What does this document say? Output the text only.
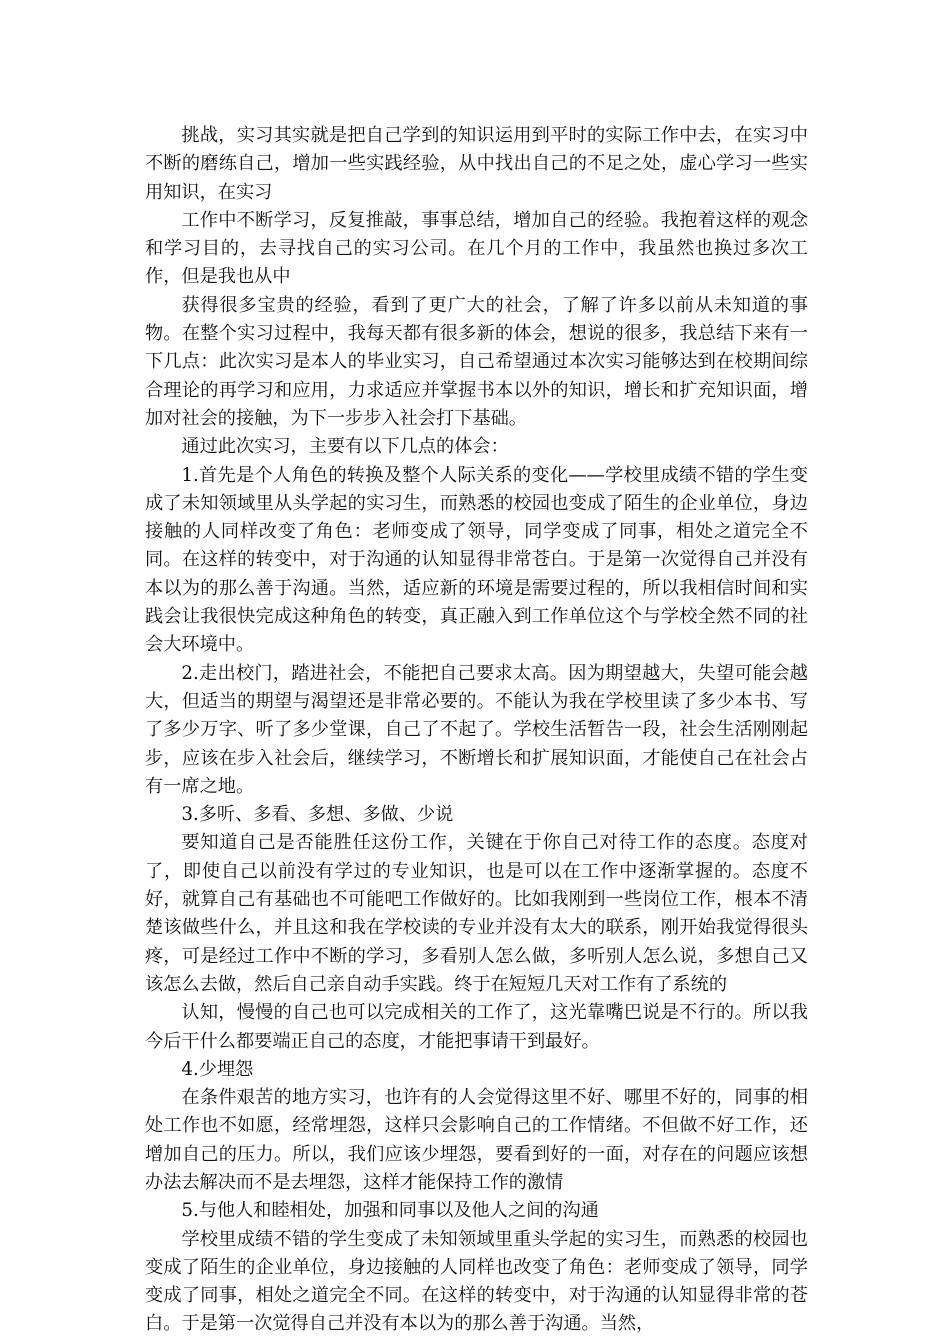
挑战，实习其实就是把自己学到的知识运用到平时的实际工作中去，在实习中不断的磨练自己，增加一些实践经验，从中找出自己的不足之处，虚心学习一些实用知识，在实习

工作中不断学习，反复推敲，事事总结，增加自己的经验。我抱着这样的观念和学习目的，去寻找自己的实习公司。在几个月的工作中，我虽然也换过多次工作，但是我也从中

获得很多宝贵的经验，看到了更广大的社会，了解了许多以前从未知道的事物。在整个实习过程中，我每天都有很多新的体会，想说的很多，我总结下来有一下几点：此次实习是本人的毕业实习，自己希望通过本次实习能够达到在校期间综合理论的再学习和应用，力求适应并掌握书本以外的知识，增长和扩充知识面，增加对社会的接触，为下一步步入社会打下基础。

通过此次实习，主要有以下几点的体会：

1.首先是个人角色的转换及整个人际关系的变化——学校里成绩不错的学生变成了未知领域里从头学起的实习生，而熟悉的校园也变成了陌生的企业单位，身边接触的人同样改变了角色：老师变成了领导，同学变成了同事，相处之道完全不同。在这样的转变中，对于沟通的认知显得非常苍白。于是第一次觉得自己并没有本以为的那么善于沟通。当然，适应新的环境是需要过程的，所以我相信时间和实践会让我很快完成这种角色的转变，真正融入到工作单位这个与学校全然不同的社会大环境中。

2.走出校门，踏进社会，不能把自己要求太高。因为期望越大，失望可能会越大，但适当的期望与渴望还是非常必要的。不能认为我在学校里读了多少本书、写了多少万字、听了多少堂课，自己了不起了。学校生活暂告一段，社会生活刚刚起步，应该在步入社会后，继续学习，不断增长和扩展知识面，才能使自己在社会占有一席之地。

3.多听、多看、多想、多做、少说

要知道自己是否能胜任这份工作，关键在于你自己对待工作的态度。态度对了，即使自己以前没有学过的专业知识，也是可以在工作中逐渐掌握的。态度不好，就算自己有基础也不可能吧工作做好的。比如我刚到一些岗位工作，根本不清楚该做些什么，并且这和我在学校读的专业并没有太大的联系，刚开始我觉得很头疼，可是经过工作中不断的学习，多看别人怎么做，多听别人怎么说，多想自己又该怎么去做，然后自己亲自动手实践。终于在短短几天对工作有了系统的

认知，慢慢的自己也可以完成相关的工作了，这光靠嘴巴说是不行的。所以我今后干什么都要端正自己的态度，才能把事请干到最好。

4.少埋怨

在条件艰苦的地方实习，也许有的人会觉得这里不好、哪里不好的，同事的相处工作也不如愿，经常埋怨，这样只会影响自己的工作情绪。不但做不好工作，还增加自己的压力。所以，我们应该少埋怨，要看到好的一面，对存在的问题应该想办法去解决而不是去埋怨，这样才能保持工作的激情

5.与他人和睦相处，加强和同事以及他人之间的沟通

学校里成绩不错的学生变成了未知领域里重头学起的实习生，而熟悉的校园也变成了陌生的企业单位，身边接触的人同样也改变了角色：老师变成了领导，同学变成了同事，相处之道完全不同。在这样的转变中，对于沟通的认知显得非常的苍白。于是第一次觉得自己并没有本以为的那么善于沟通。当然，
